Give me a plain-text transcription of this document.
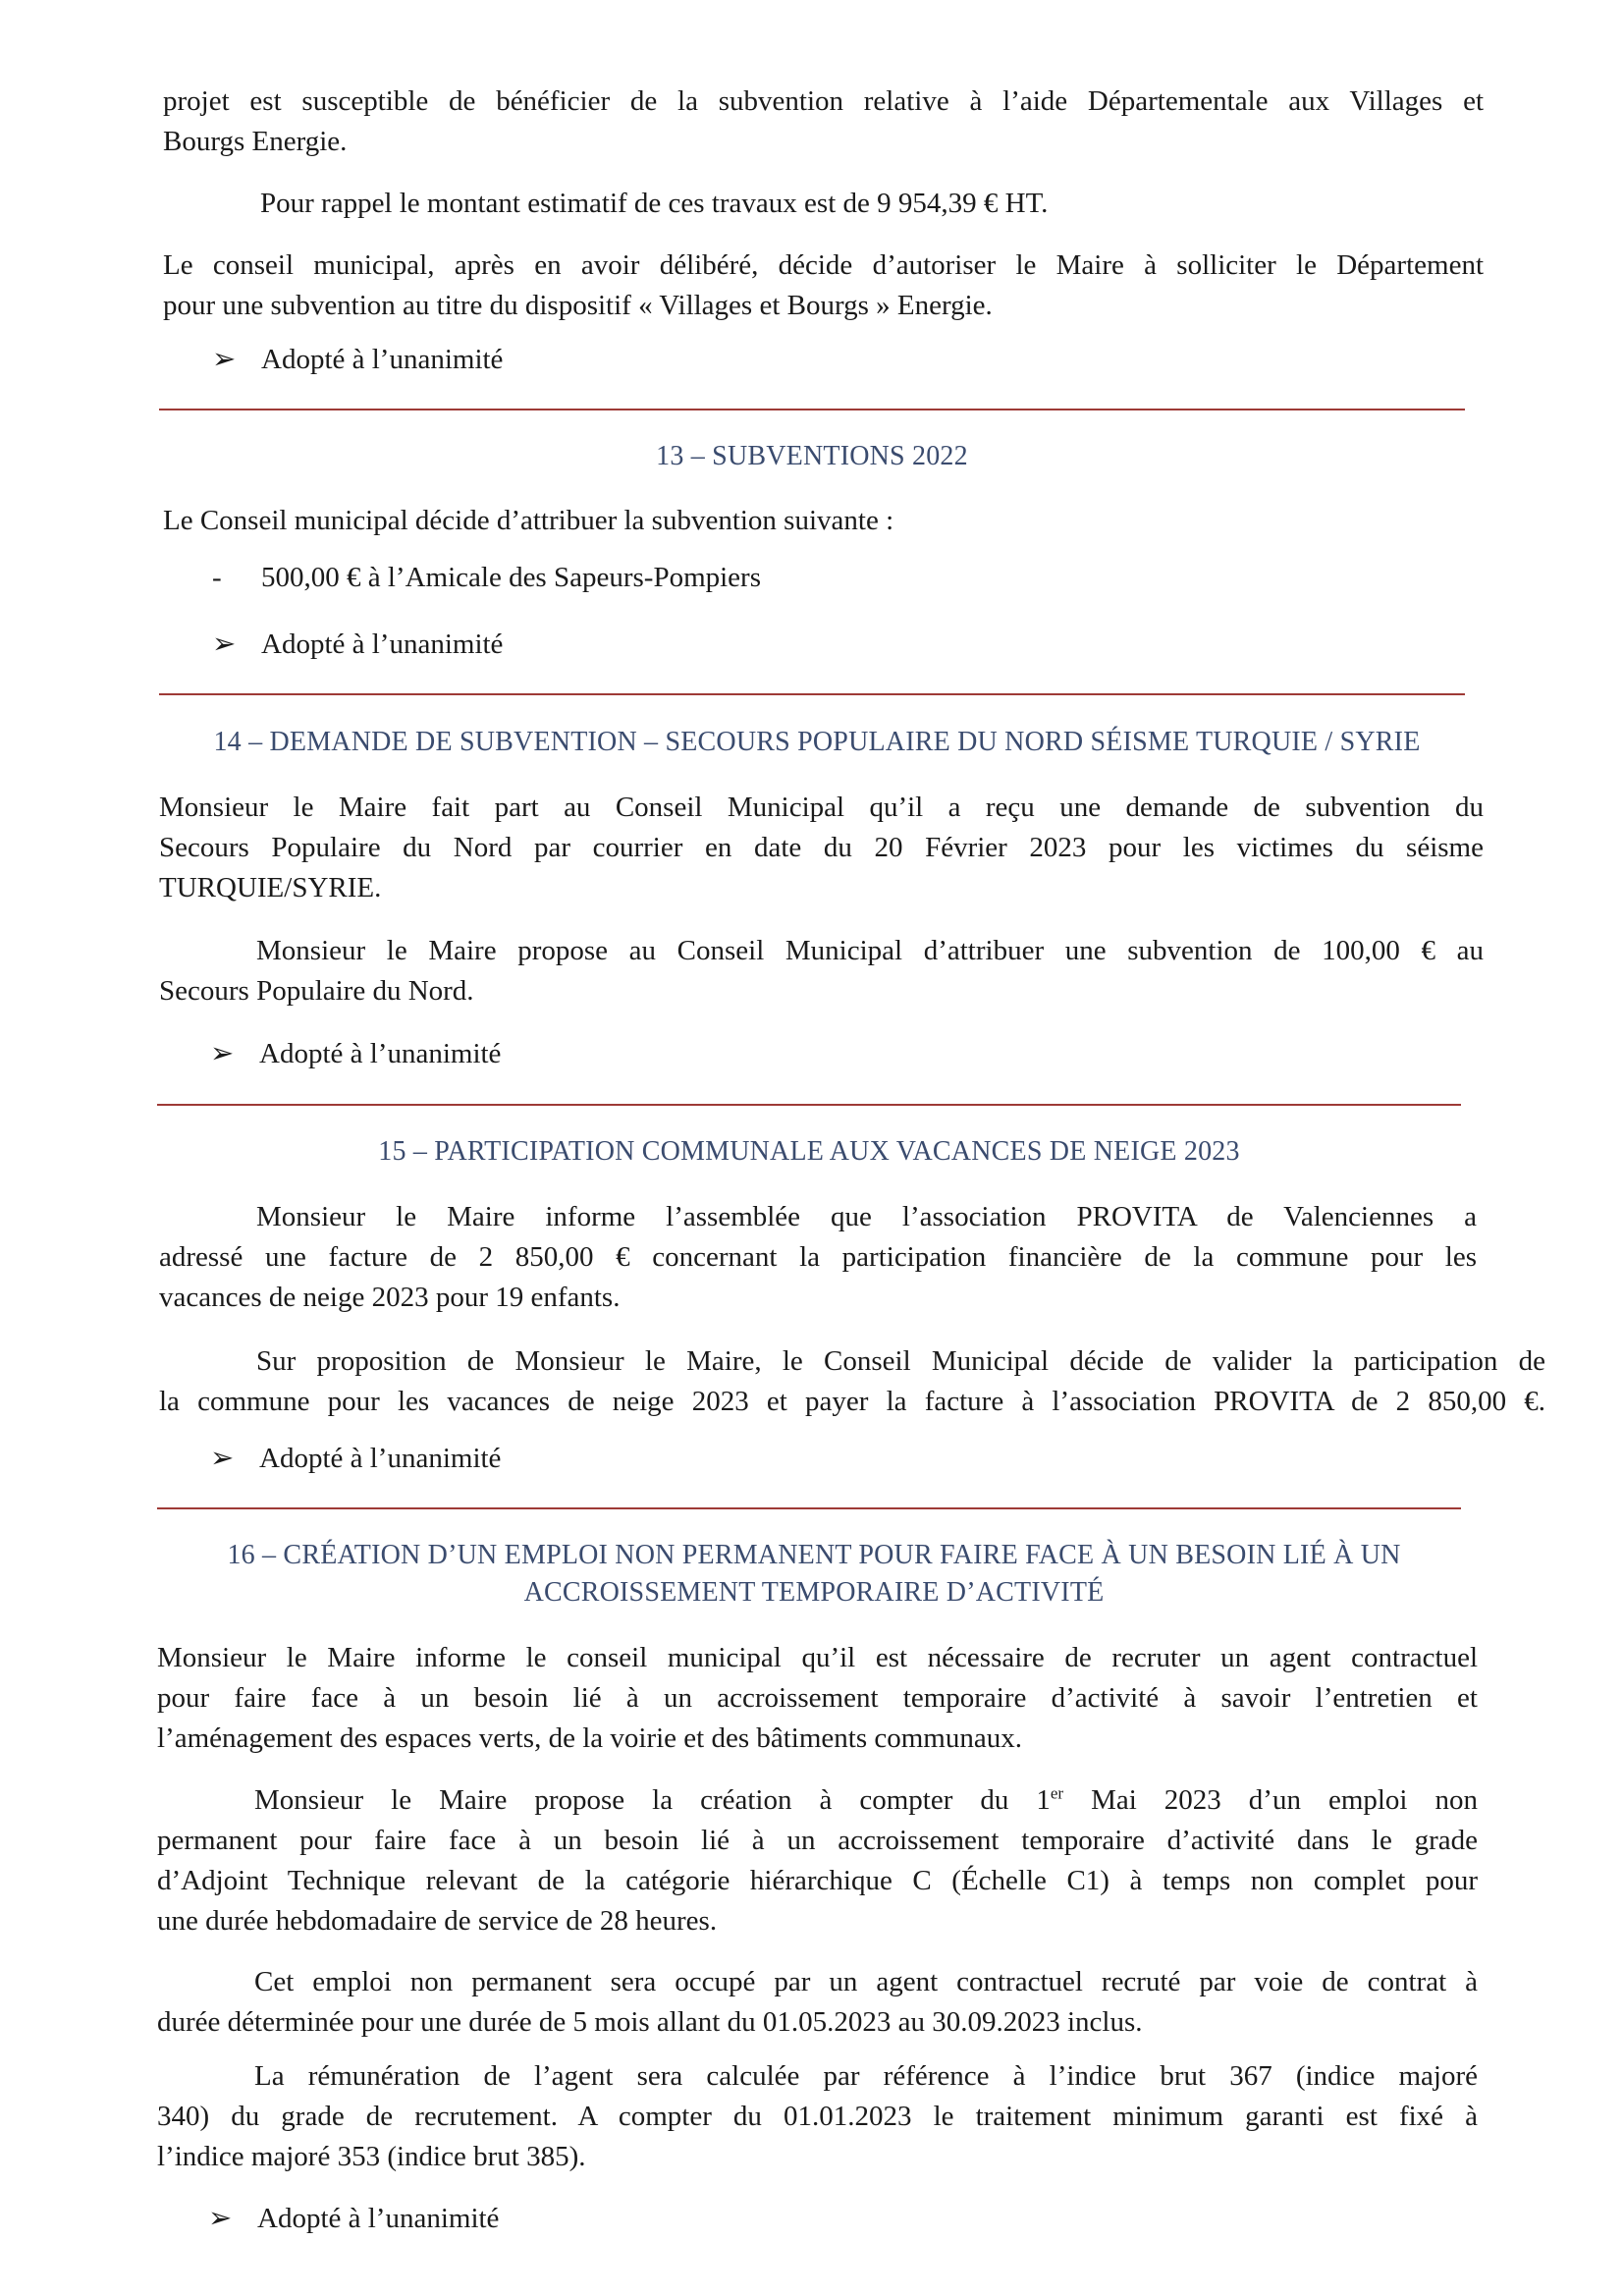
projet est susceptible de bénéficier de la subvention relative à l’aide Départementale aux Villages et
Bourgs Energie.
Pour rappel le montant estimatif de ces travaux est de 9 954,39 € HT.
Le conseil municipal, après en avoir délibéré, décide d’autoriser le Maire à solliciter le Département
pour une subvention au titre du dispositif « Villages et Bourgs » Energie.
➢ Adopté à l’unanimité
13 – SUBVENTIONS 2022
Le Conseil municipal décide d’attribuer la subvention suivante :
- 500,00 € à l’Amicale des Sapeurs-Pompiers
➢ Adopté à l’unanimité
14 – DEMANDE DE SUBVENTION – SECOURS POPULAIRE DU NORD SÉISME TURQUIE / SYRIE
Monsieur le Maire fait part au Conseil Municipal qu’il a reçu une demande de subvention du
Secours Populaire du Nord par courrier en date du 20 Février 2023 pour les victimes du séisme
TURQUIE/SYRIE.
Monsieur le Maire propose au Conseil Municipal d’attribuer une subvention de 100,00 € au
Secours Populaire du Nord.
➢ Adopté à l’unanimité
15 – PARTICIPATION COMMUNALE AUX VACANCES DE NEIGE 2023
Monsieur le Maire informe l’assemblée que l’association PROVITA de Valenciennes a
adressé une facture de 2 850,00 € concernant la participation financière de la commune pour les
vacances de neige 2023 pour 19 enfants.
Sur proposition de Monsieur le Maire, le Conseil Municipal décide de valider la participation de
la commune pour les vacances de neige 2023 et payer la facture à l’association PROVITA de 2 850,00 €.
➢ Adopté à l’unanimité
16 – CRÉATION D’UN EMPLOI NON PERMANENT POUR FAIRE FACE À UN BESOIN LIÉ À UN
ACCROISSEMENT TEMPORAIRE D’ACTIVITÉ
Monsieur le Maire informe le conseil municipal qu’il est nécessaire de recruter un agent contractuel
pour faire face à un besoin lié à un accroissement temporaire d’activité à savoir l’entretien et
l’aménagement des espaces verts, de la voirie et des bâtiments communaux.
Monsieur le Maire propose la création à compter du 1er Mai 2023 d’un emploi non
permanent pour faire face à un besoin lié à un accroissement temporaire d’activité dans le grade
d’Adjoint Technique relevant de la catégorie hiérarchique C (Échelle C1) à temps non complet pour
une durée hebdomadaire de service de 28 heures.
Cet emploi non permanent sera occupé par un agent contractuel recruté par voie de contrat à
durée déterminée pour une durée de 5 mois allant du 01.05.2023 au 30.09.2023 inclus.
La rémunération de l’agent sera calculée par référence à l’indice brut 367 (indice majoré
340) du grade de recrutement. A compter du 01.01.2023 le traitement minimum garanti est fixé à
l’indice majoré 353 (indice brut 385).
➢ Adopté à l’unanimité
